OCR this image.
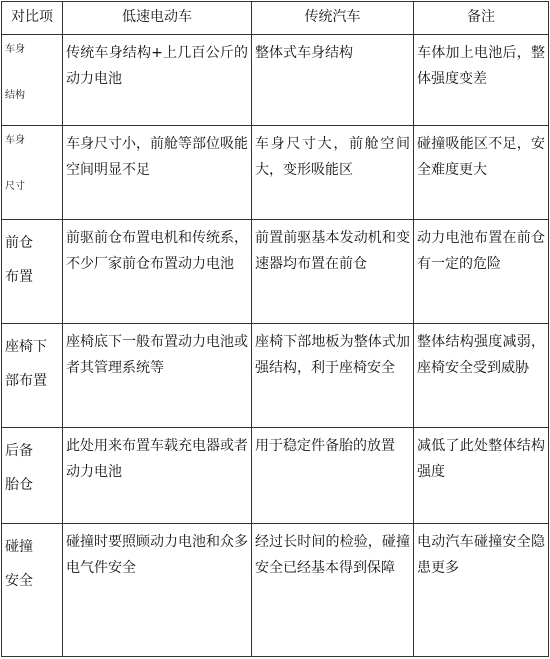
对比项	低速电动车	传统汽车	备注

车身
结构	传统车身结构+上几百公斤的动力电池	整体式车身结构	车体加上电池后，整体强度变差

车身
尺寸	车身尺寸小，前舱等部位吸能空间明显不足	车身尺寸大，前舱空间大，变形吸能区	碰撞吸能区不足，安全难度更大

前仓
布置	前驱前仓布置电机和传统系，不少厂家前仓布置动力电池	前置前驱基本发动机和变速器均布置在前仓	动力电池布置在前仓有一定的危险

座椅下
部布置	座椅底下一般布置动力电池或者其管理系统等	座椅下部地板为整体式加强结构，利于座椅安全	整体结构强度减弱，座椅安全受到威胁

后备
胎仓	此处用来布置车载充电器或者动力电池	用于稳定件备胎的放置	减低了此处整体结构强度

碰撞
安全	碰撞时要照顾动力电池和众多电气件安全	经过长时间的检验，碰撞安全已经基本得到保障	电动汽车碰撞安全隐患更多
